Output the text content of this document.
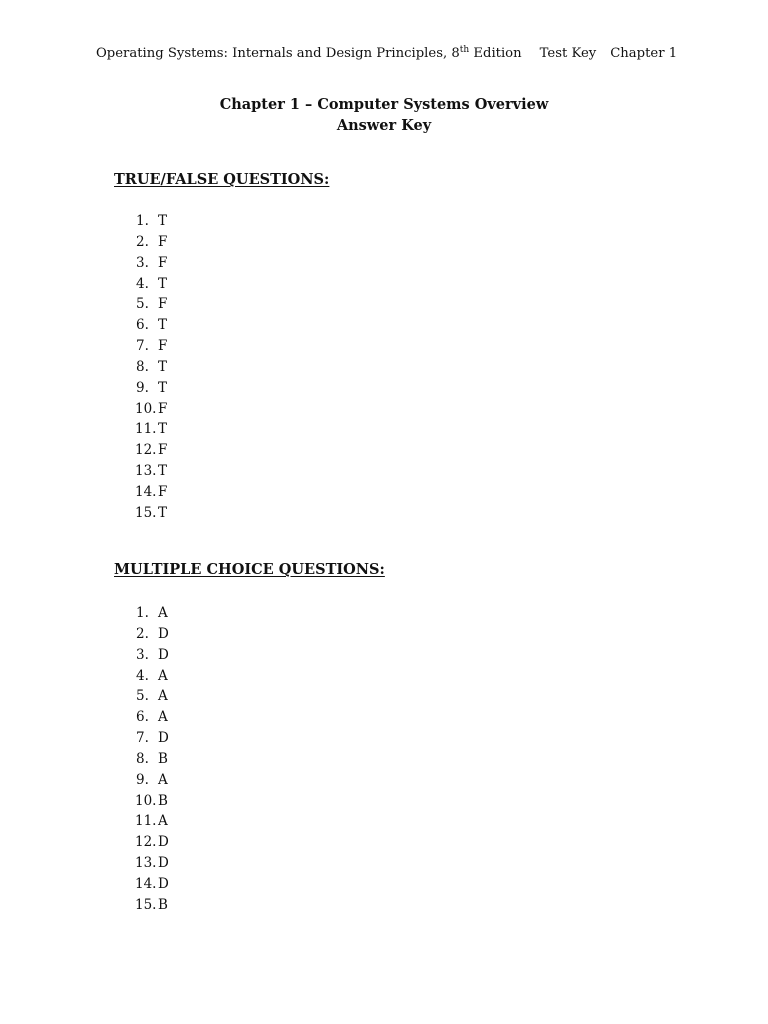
Operating Systems: Internals and Design Principles, 8th Edition Test Key Chapter 1
Chapter 1 – Computer Systems Overview
Answer Key
TRUE/FALSE QUESTIONS:
1. T
2. F
3. F
4. T
5. F
6. T
7. F
8. T
9. T
10. F
11. T
12. F
13. T
14. F
15. T
MULTIPLE CHOICE QUESTIONS:
1. A
2. D
3. D
4. A
5. A
6. A
7. D
8. B
9. A
10. B
11. A
12. D
13. D
14. D
15. B
